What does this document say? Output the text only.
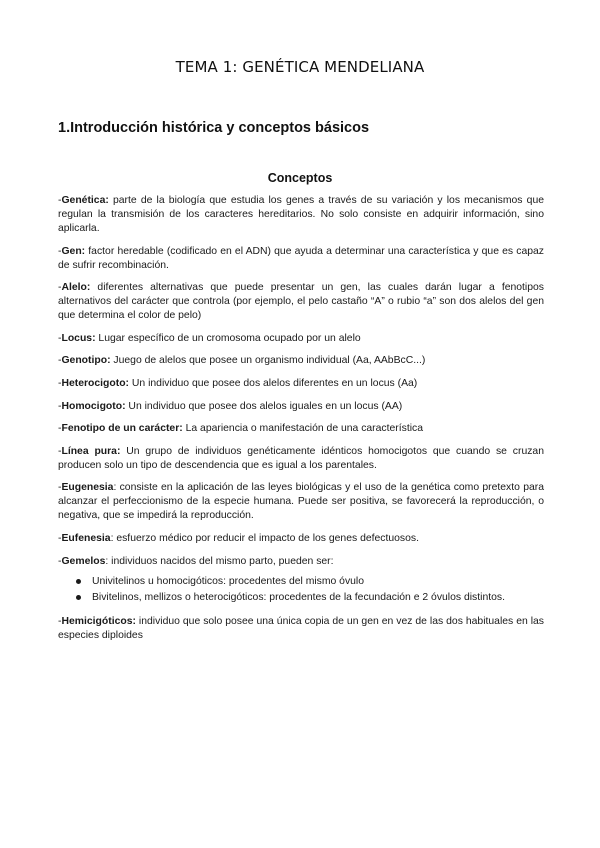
TEMA 1: GENÉTICA MENDELIANA
1.Introducción histórica y conceptos básicos
Conceptos

-Genética: parte de la biología que estudia los genes a través de su variación y los mecanismos que regulan la transmisión de los caracteres hereditarios. No solo consiste en adquirir información, sino aplicarla.

-Gen: factor heredable (codificado en el ADN) que ayuda a determinar una característica y que es capaz de sufrir recombinación.

-Alelo: diferentes alternativas que puede presentar un gen, las cuales darán lugar a fenotipos alternativos del carácter que controla (por ejemplo, el pelo castaño “A” o rubio “a” son dos alelos del gen que determina el color de pelo)

-Locus: Lugar específico de un cromosoma ocupado por un alelo

-Genotipo: Juego de alelos que posee un organismo individual (Aa, AAbBcC...)

-Heterocigoto: Un individuo que posee dos alelos diferentes en un locus (Aa)

-Homocigoto: Un individuo que posee dos alelos iguales en un locus (AA)

-Fenotipo de un carácter: La apariencia o manifestación de una característica

-Línea pura: Un grupo de individuos genéticamente idénticos homocigotos que cuando se cruzan producen solo un tipo de descendencia que es igual a los parentales.

-Eugenesia: consiste en la aplicación de las leyes biológicas y el uso de la genética como pretexto para alcanzar el perfeccionismo de la especie humana. Puede ser positiva, se favorecerá la reproducción, o negativa, que se impedirá la reproducción.

-Eufenesia: esfuerzo médico por reducir el impacto de los genes defectuosos.

-Gemelos: individuos nacidos del mismo parto, pueden ser:

Univitelinos u homocigóticos: procedentes del mismo óvulo
Bivitelinos, mellizos o heterocigóticos: procedentes de la fecundación e 2 óvulos distintos.

-Hemicigóticos: individuo que solo posee una única copia de un gen en vez de las dos habituales en las especies diploides
